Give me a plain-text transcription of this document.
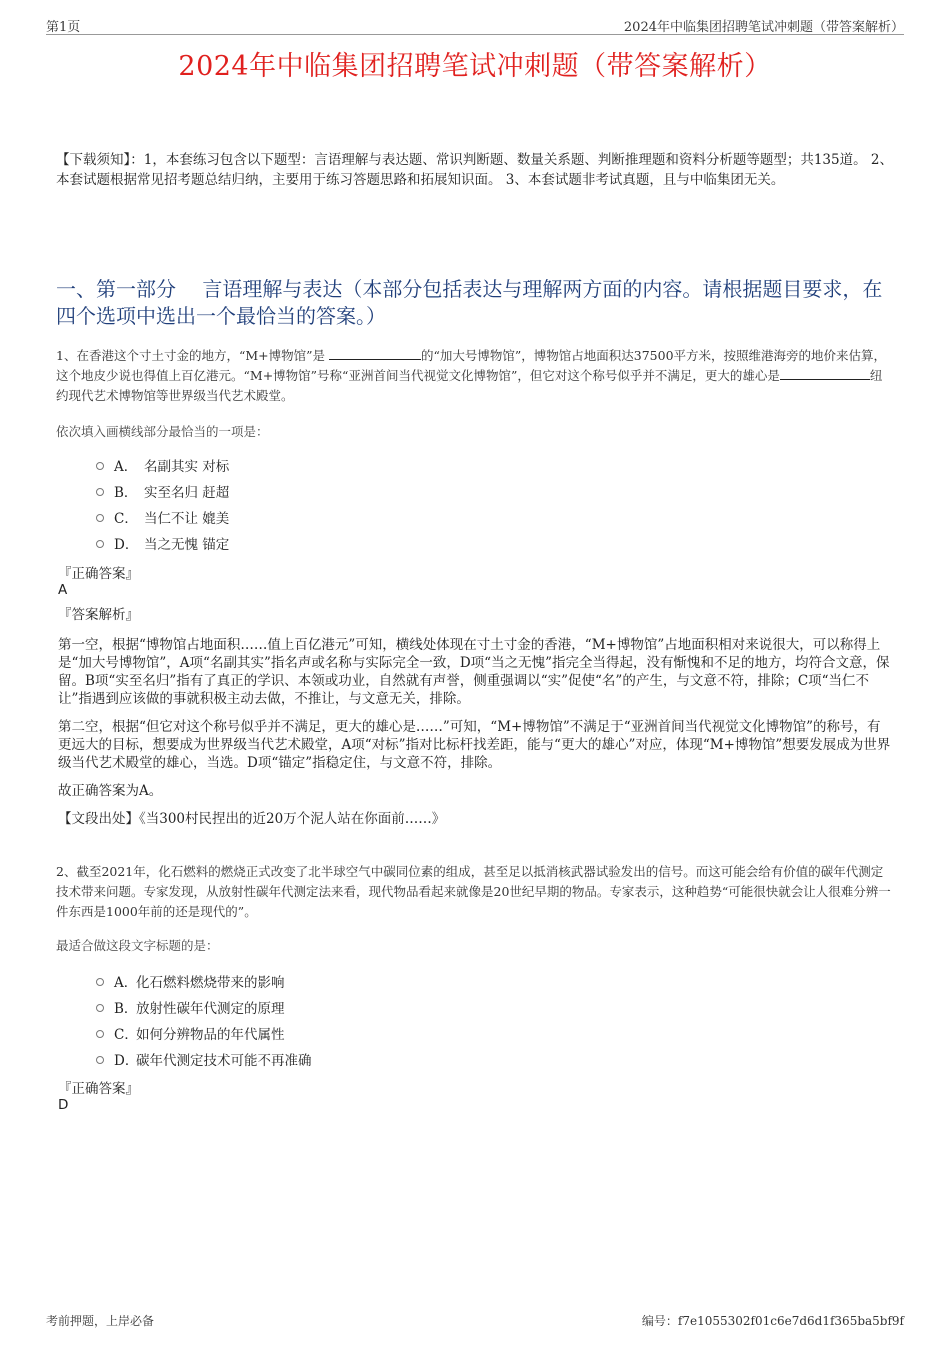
第1页	2024年中临集团招聘笔试冲刺题（带答案解析）
2024年中临集团招聘笔试冲刺题（带答案解析）
【下载须知】：1，本套练习包含以下题型：言语理解与表达题、常识判断题、数量关系题、判断推理题和资料分析题等题型；共135道。 2、本套试题根据常见招考题总结归纳，主要用于练习答题思路和拓展知识面。 3、本套试题非考试真题，且与中临集团无关。
一、第一部分　 言语理解与表达（本部分包括表达与理解两方面的内容。请根据题目要求，在四个选项中选出一个最恰当的答案。）

1、在香港这个寸土寸金的地方，“M+博物馆”是	的“加大号博物馆”，博物馆占地面积达37500平方米，按照维港海旁的地价来估算，这个地皮少说也得值上百亿港元。“M+博物馆”号称“亚洲首间当代视觉文化博物馆”，但它对这个称号似乎并不满足，更大的雄心是	纽约现代艺术博物馆等世界级当代艺术殿堂。

依次填入画横线部分最恰当的一项是：

A． 名副其实 对标
B． 实至名归 赶超
C． 当仁不让 媲美
D． 当之无愧 锚定
『正确答案』
A
『答案解析』

第一空，根据“博物馆占地面积……值上百亿港元”可知，横线处体现在寸土寸金的香港，“M+博物馆”占地面积相对来说很大，可以称得上是“加大号博物馆”，A项“名副其实”指名声或名称与实际完全一致，D项“当之无愧”指完全当得起，没有惭愧和不足的地方，均符合文意，保留。B项“实至名归”指有了真正的学识、本领或功业，自然就有声誉，侧重强调以“实”促使“名”的产生，与文意不符，排除；C项“当仁不让”指遇到应该做的事就积极主动去做，不推让，与文意无关，排除。

第二空，根据“但它对这个称号似乎并不满足，更大的雄心是……”可知，“M+博物馆”不满足于“亚洲首间当代视觉文化博物馆”的称号，有更远大的目标，想要成为世界级当代艺术殿堂，A项“对标”指对比标杆找差距，能与“更大的雄心”对应，体现“M+博物馆”想要发展成为世界级当代艺术殿堂的雄心，当选。D项“锚定”指稳定住，与文意不符，排除。

故正确答案为A。

【文段出处】《当300村民捏出的近20万个泥人站在你面前……》

2、截至2021年，化石燃料的燃烧正式改变了北半球空气中碳同位素的组成，甚至足以抵消核武器试验发出的信号。而这可能会给有价值的碳年代测定技术带来问题。专家发现，从放射性碳年代测定法来看，现代物品看起来就像是20世纪早期的物品。专家表示，这种趋势“可能很快就会让人很难分辨一件东西是1000年前的还是现代的”。

最适合做这段文字标题的是：

A．
化石燃料燃烧带来的影响
B．
放射性碳年代测定的原理
C．
如何分辨物品的年代属性
D．
碳年代测定技术可能不再准确
『正确答案』
D
考前押题，上岸必备	编号：f7e1055302f01c6e7d6d1f365ba5bf9f
